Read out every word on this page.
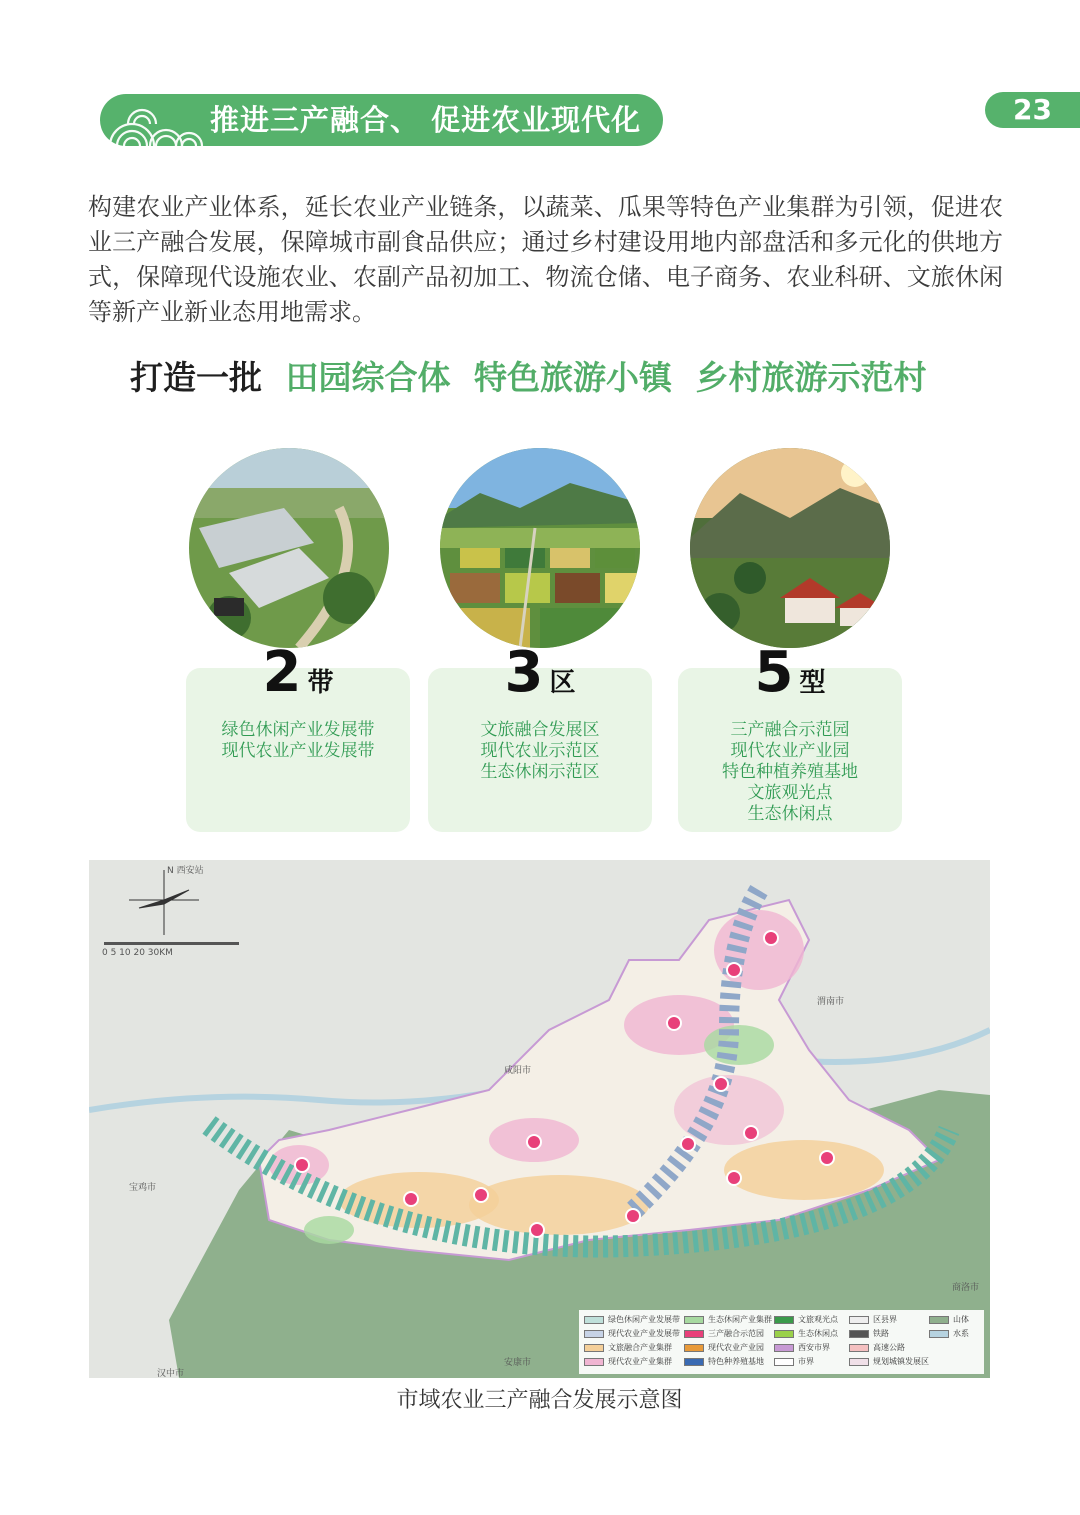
推进三产融合、 促进农业现代化	23
构建农业产业体系，延长农业产业链条，以蔬菜、瓜果等特色产业集群为引领，促进农业三产融合发展，保障城市副食品供应；通过乡村建设用地内部盘活和多元化的供地方式，保障现代设施农业、农副产品初加工、物流仓储、电子商务、农业科研、文旅休闲等新产业新业态用地需求。
打造一批 田园综合体 特色旅游小镇 乡村旅游示范村
2 带
绿色休闲产业发展带
现代农业产业发展带
3 区
文旅融合发展区
现代农业示范区
生态休闲示范区
5 型
三产融合示范园
现代农业产业园
特色种植养殖基地
文旅观光点
生态休闲点
N 西安站
0 5 10 20 30KM
渭南市
咸阳市
宝鸡市
商洛市
安康市
汉中市
绿色休闲产业发展带
现代农业产业发展带
文旅融合产业集群
现代农业产业集群
生态休闲产业集群
三产融合示范园
现代农业产业园
特色种养殖基地
文旅观光点
生态休闲点
西安市界
市界
区县界
铁路
高速公路
规划城镇发展区
山体
水系
市域农业三产融合发展示意图
